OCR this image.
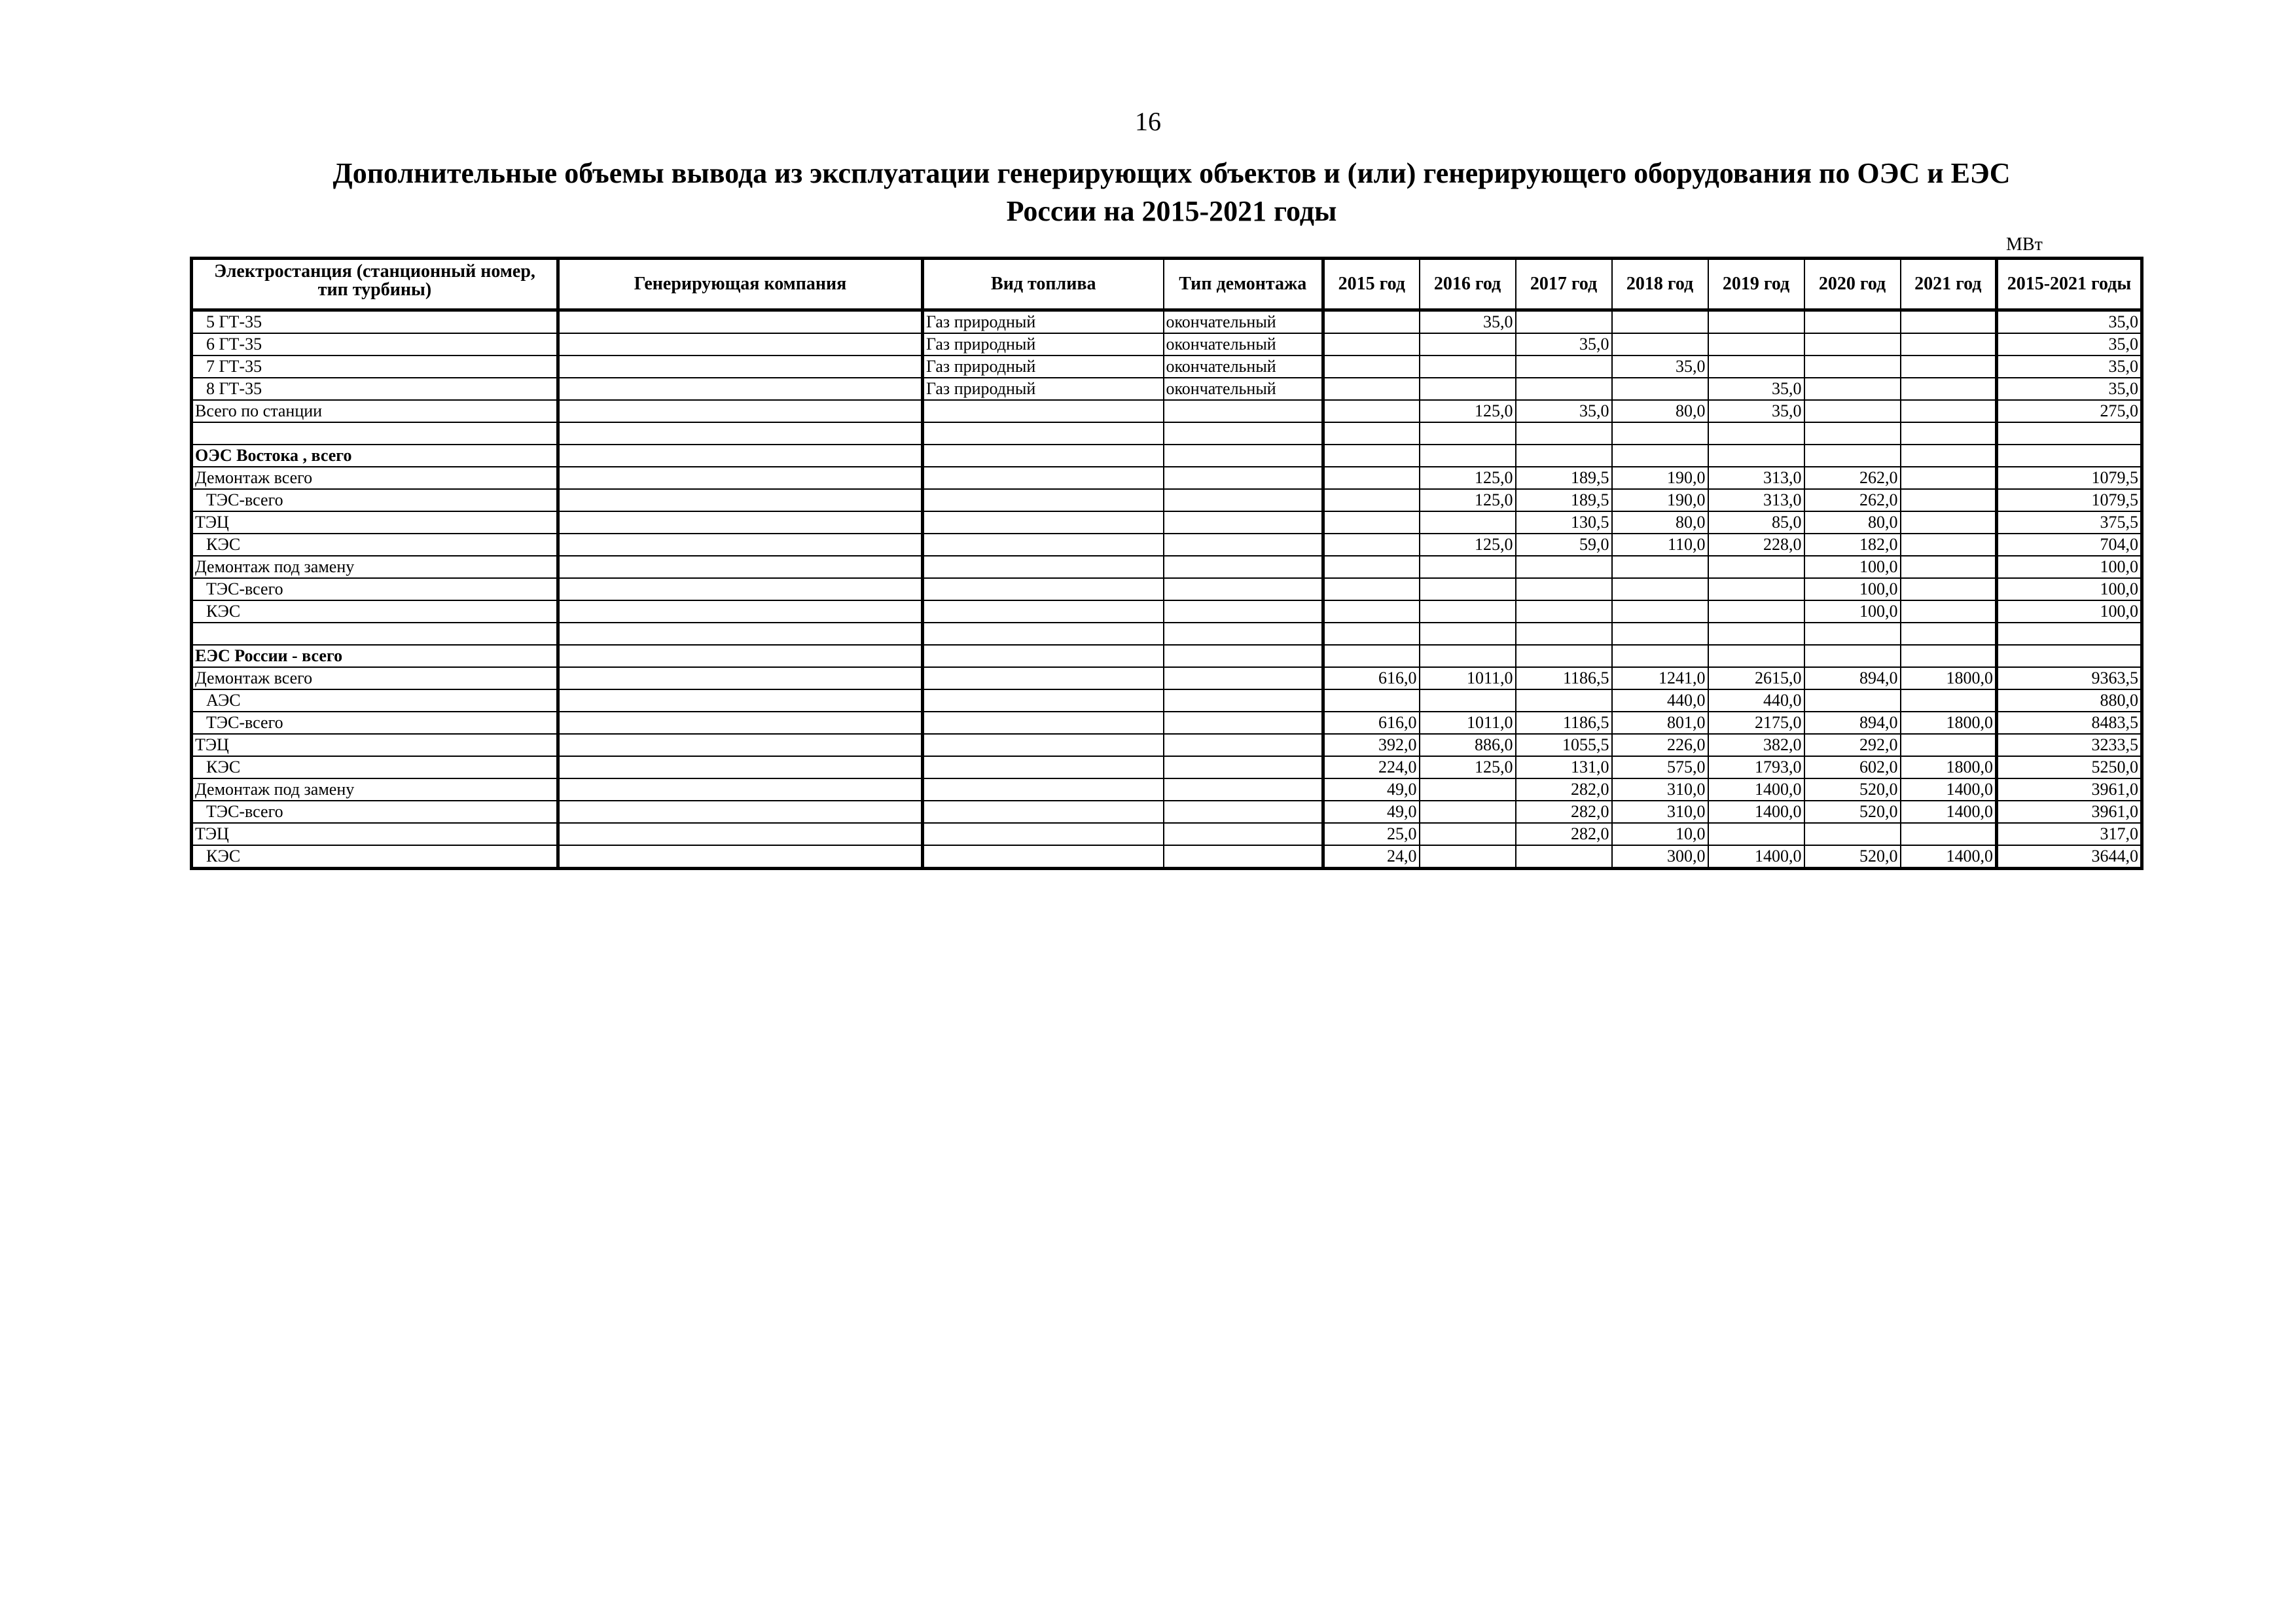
16
Дополнительные объемы вывода из эксплуатации генерирующих объектов и (или) генерирующего оборудования по ОЭС и ЕЭС
России на 2015-2021 годы
МВт
Электростанция (станционный номер, тип турбины)	Генерирующая компания	Вид топлива	Тип демонтажа	2015 год	2016 год	2017 год	2018 год	2019 год	2020 год	2021 год	2015-2021 годы
5 ГТ-35		Газ природный	окончательный		35,0						35,0
6 ГТ-35		Газ природный	окончательный			35,0					35,0
7 ГТ-35		Газ природный	окончательный				35,0				35,0
8 ГТ-35		Газ природный	окончательный					35,0			35,0
Всего по станции					125,0	35,0	80,0	35,0			275,0

ОЭС Востока , всего											
Демонтаж всего					125,0	189,5	190,0	313,0	262,0		1079,5
ТЭС-всего					125,0	189,5	190,0	313,0	262,0		1079,5
ТЭЦ						130,5	80,0	85,0	80,0		375,5
КЭС					125,0	59,0	110,0	228,0	182,0		704,0
Демонтаж под замену									100,0		100,0
ТЭС-всего									100,0		100,0
КЭС									100,0		100,0

ЕЭС России - всего											
Демонтаж всего				616,0	1011,0	1186,5	1241,0	2615,0	894,0	1800,0	9363,5
АЭС							440,0	440,0			880,0
ТЭС-всего				616,0	1011,0	1186,5	801,0	2175,0	894,0	1800,0	8483,5
ТЭЦ				392,0	886,0	1055,5	226,0	382,0	292,0		3233,5
КЭС				224,0	125,0	131,0	575,0	1793,0	602,0	1800,0	5250,0
Демонтаж под замену				49,0		282,0	310,0	1400,0	520,0	1400,0	3961,0
ТЭС-всего				49,0		282,0	310,0	1400,0	520,0	1400,0	3961,0
ТЭЦ				25,0		282,0	10,0				317,0
КЭС				24,0			300,0	1400,0	520,0	1400,0	3644,0
